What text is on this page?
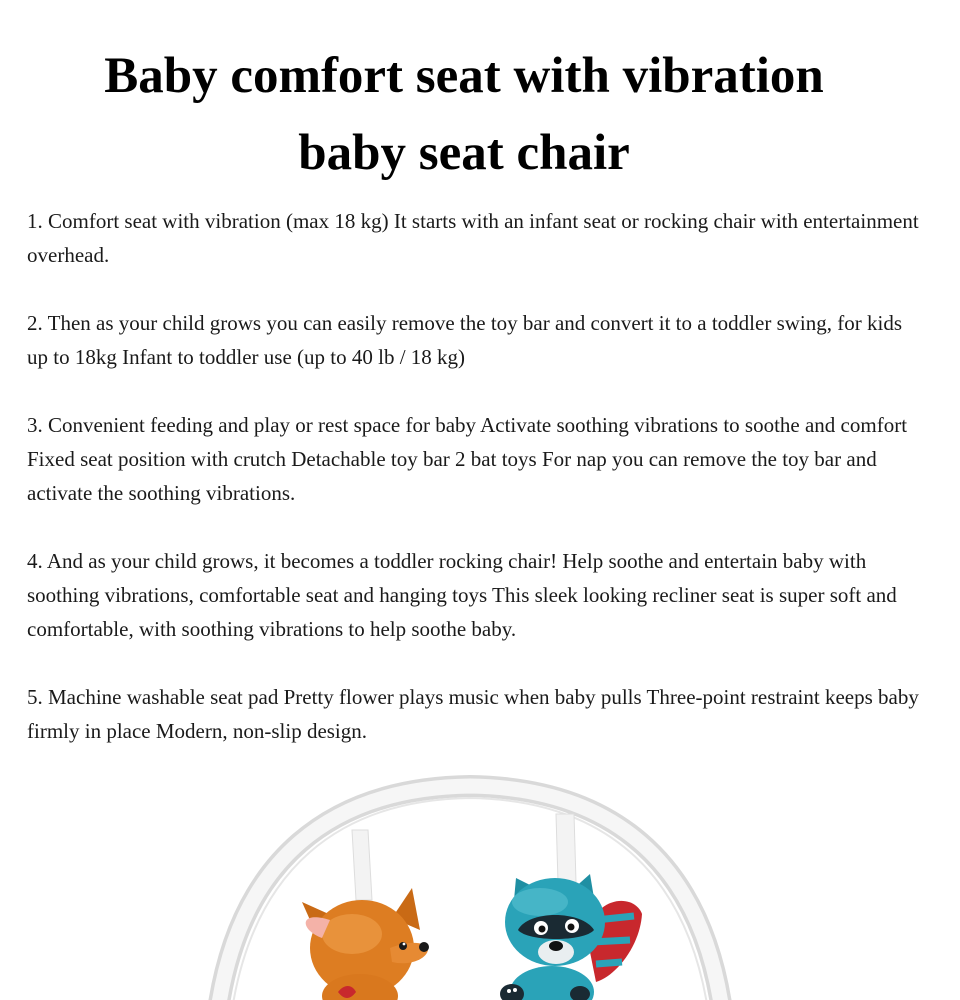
Baby comfort seat with vibration
baby seat chair

1. Comfort seat with vibration (max 18 kg) It starts with an infant seat or rocking chair with entertainment overhead.

2. Then as your child grows you can easily remove the toy bar and convert it to a toddler swing, for kids up to 18kg Infant to toddler use (up to 40 lb / 18 kg)

3. Convenient feeding and play or rest space for baby Activate soothing vibrations to soothe and comfort Fixed seat position with crutch Detachable toy bar 2 bat toys For nap you can remove the toy bar and activate the soothing vibrations.

4. And as your child grows, it becomes a toddler rocking chair! Help soothe and entertain baby with soothing vibrations, comfortable seat and hanging toys This sleek looking recliner seat is super soft and comfortable, with soothing vibrations to help soothe baby.

5. Machine washable seat pad Pretty flower plays music when baby pulls Three-point restraint keeps baby firmly in place Modern, non-slip design.
